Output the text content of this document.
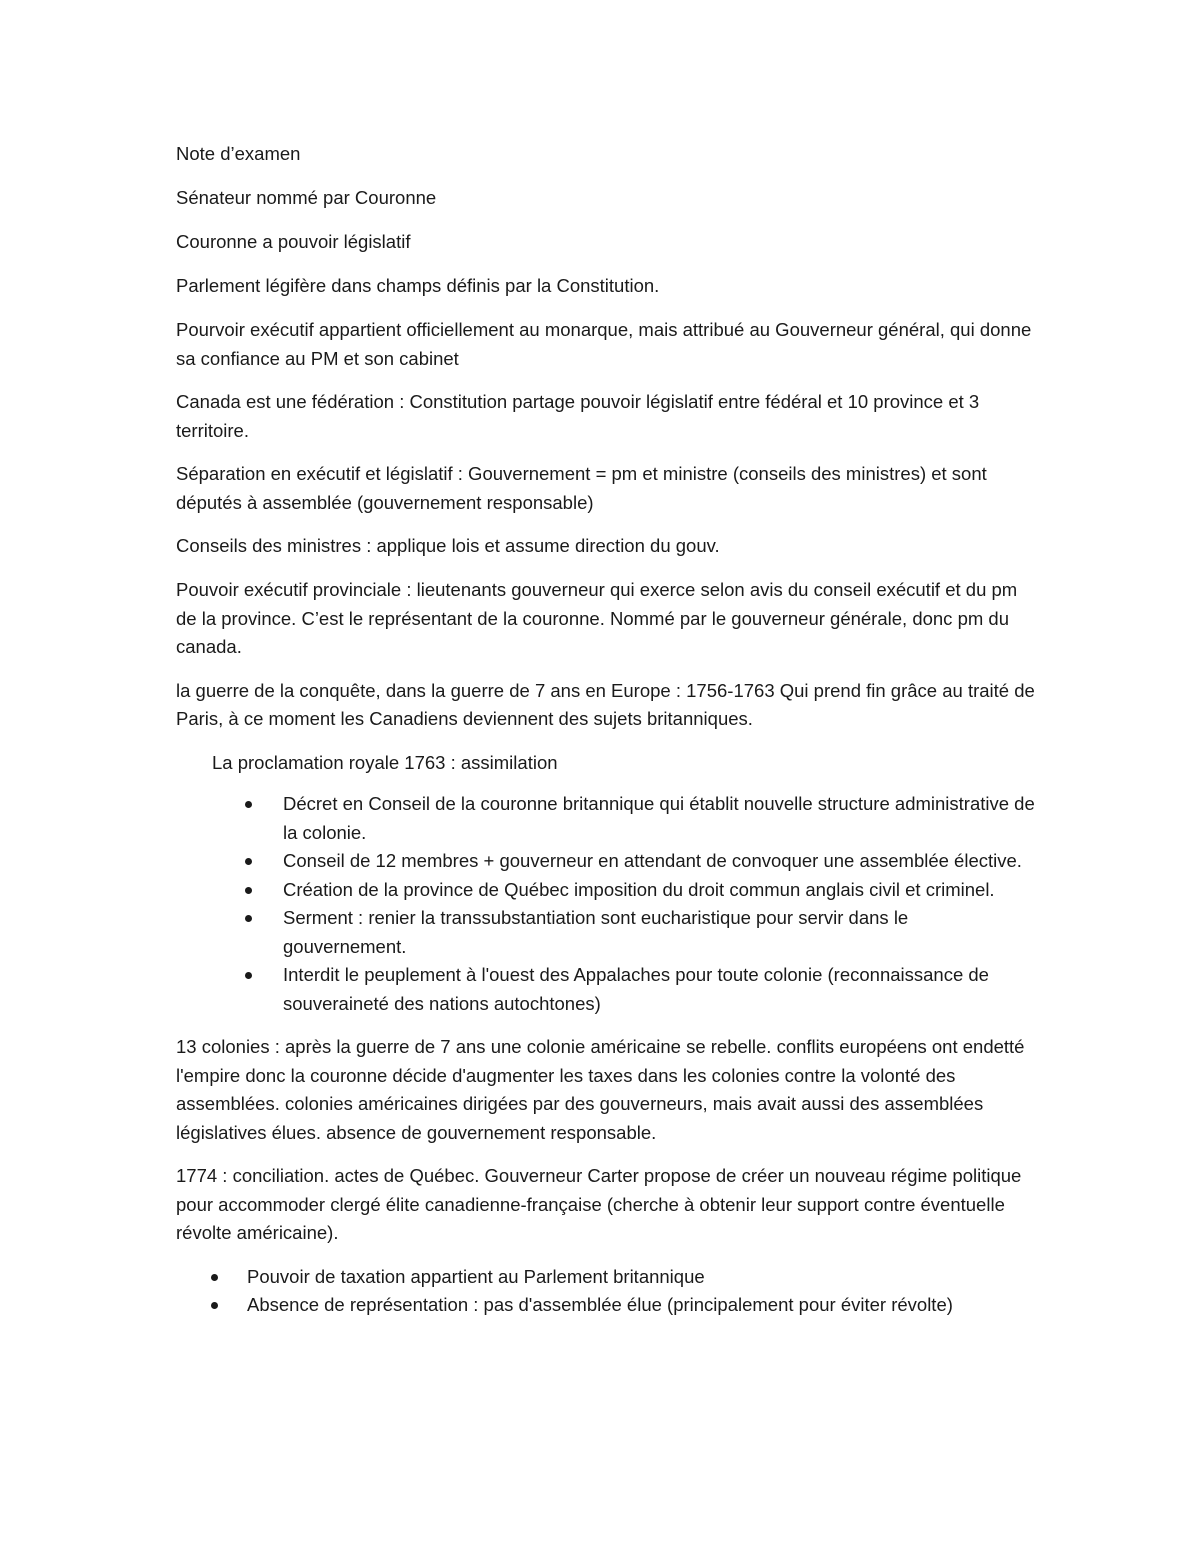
Note d’examen

Sénateur nommé par Couronne

Couronne a pouvoir législatif

Parlement légifère dans champs définis par la Constitution.

Pourvoir exécutif appartient officiellement au monarque, mais attribué au Gouverneur général, qui donne sa confiance au PM et son cabinet

Canada est une fédération : Constitution partage pouvoir législatif entre fédéral et 10 province et 3 territoire.

Séparation en exécutif et législatif : Gouvernement = pm et ministre (conseils des ministres) et sont députés à assemblée (gouvernement responsable)

Conseils des ministres : applique lois et assume direction du gouv.

Pouvoir exécutif provinciale : lieutenants gouverneur qui exerce selon avis du conseil exécutif et du pm de la province. C’est le représentant de la couronne. Nommé par le gouverneur générale, donc pm du canada.

la guerre de la conquête, dans la guerre de 7 ans en Europe : 1756-1763 Qui prend fin grâce au traité de Paris, à ce moment les Canadiens deviennent des sujets britanniques.

La proclamation royale 1763 : assimilation

Décret en Conseil de la couronne britannique qui établit nouvelle structure administrative de la colonie.
Conseil de 12 membres + gouverneur en attendant de convoquer une assemblée élective.
Création de la province de Québec imposition du droit commun anglais civil et criminel.
Serment : renier la transsubstantiation sont eucharistique pour servir dans le gouvernement.
Interdit le peuplement à l'ouest des Appalaches pour toute colonie (reconnaissance de souveraineté des nations autochtones)

13 colonies : après la guerre de 7 ans une colonie américaine se rebelle. conflits européens ont endetté l'empire donc la couronne décide d'augmenter les taxes dans les colonies contre la volonté des assemblées. colonies américaines dirigées par des gouverneurs, mais avait aussi des assemblées législatives élues. absence de gouvernement responsable.

1774 : conciliation. actes de Québec. Gouverneur Carter propose de créer un nouveau régime politique pour accommoder clergé élite canadienne-française (cherche à obtenir leur support contre éventuelle révolte américaine).

Pouvoir de taxation appartient au Parlement britannique
Absence de représentation : pas d'assemblée élue (principalement pour éviter révolte)
